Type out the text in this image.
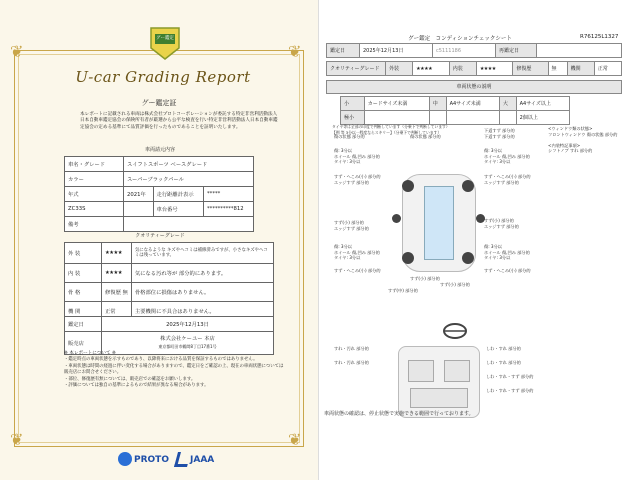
❦	❦
❦	❦
グー鑑定
U-car Grading Report
グー鑑定証
本レポートに記載される車両は株式会社プロトコーポレーションが委託する特定非営利活動法人日本自動車鑑定協会の保険所有者が厳選から公平な検査を行い特定非営利活動法人日本自動車鑑定協会の定める基準にて品質評価を行ったものであることを証明いたします。
車両請元内容
車名・グレード	スイフトスポーツ ベースグレード		
カラー	スーパーブラックパール		
年式	2021年	走行距離計表示	*****
ZC33S		車台番号	**********812
備考			
クオリティーグレード
外 装	★★★★	気になるような キズやヘコミは補修済みですが、小さなキズやヘコミは残っています。
内 装	★★★★	気になる汚れ等が 部分的にあります。
骨 格	修復歴 無	骨格部位に損傷はありません。
機 関	正常	主要機関に不具合はありません。
鑑定日	2025年12月13日
販売店	株式会社ケーユー 本店
東京都町田市鶴間8丁目17番1号
※ 本レポートについて ※
・鑑定時点の車両状態を示すものであり、以降将来における品質を保証するものではありません。
・車両状態は時間の経過に伴い変化する場合がありますので、鑑定日をご確認の上、現在の車両状態については販売店にお問合せください。
・部位、修復歴有無については、販売店での確認をお願いします。
・評価については独自の基準によるもので結果が異なる場合があります。
PROTO JAAA
グー鑑定　コンディションチェックシート	R76125L1327
鑑定日	2025年12月13日	c5111186	再鑑定日	
クオリティーグレード	外装	★★★★	内装	★★★★	修復歴	無	機関	正常
車両状態の説明
小	カードサイズ未満	中	A4サイズ未満	大	A4サイズ以上
極小					2個以上
タイヤ等は全部の印度で判断しています（分乗下で判断しています）
【例 等 3分以一程度ならスキリー】（分乗下で判断しています）
傷の状態 部分的
傷: 3分以
ホイール 傷,凹み 部分的
タイヤ: 3分以
すず・へこみ(小) 部分的
エッジすず 部分的
すず(小) 部分的
エッジすず 部分的
傷: 3分以
ホイール 傷,凹み 部分的
タイヤ: 3分以
すず・へこみ(小) 部分的
傷の状態 部分的
すず(小) 部分的
すず(中) 部分的
すず(小) 部分的
下返すず 部分的
下返すず 部分的
傷: 3分以
ホイール 傷,凹み 部分的
タイヤ: 3分以
すず・へこみ(小) 部分的
エッジすず 部分的
すず(小) 部分的
エッジすず 部分的
傷: 3分以
ホイール 傷,凹み 部分的
タイヤ: 3分以
すず・へこみ(小) 部分的
<ウィンドウ類の状態>
フロントウィンドウ 傷の状態 部分的

<内装特記事項>
シフトノブ すれ 部分的
すれ・汚れ 部分的
すれ・汚れ 部分的
しわ・すれ 部分的
しわ・すれ 部分的
しわ・すれ・すず 部分的
しわ・すれ・すず 部分的
車両状態の確認は、停止状態で実施できる範囲で行っております。
